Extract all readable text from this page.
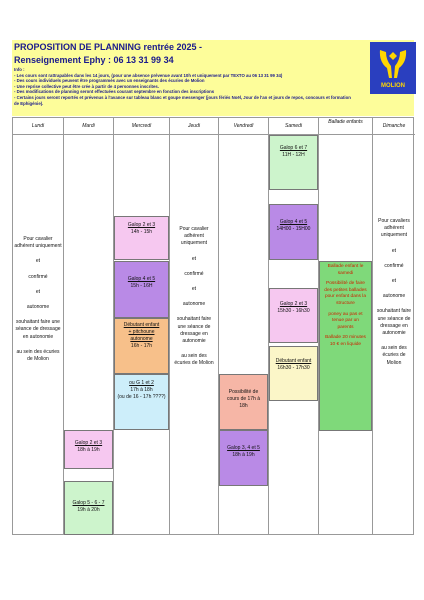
PROPOSITION DE PLANNING rentrée 2025 -
Renseignement Ephy : 06 13 31 99 34
Info :
- Les cours sont rattrapables dans les 14 jours, (pour une absence prévenue avant 10h et uniquement par TEXTO au 06 13 31 99 34)
- Des cours individuels peuvent être programmés avec un enseignants des écuries de Molion
- Une reprise collective peut être crée à partir de 4 personnes inscrites.
- Des modifications de planning seront effectuées courant septembre en fonction des inscriptions
- Certains jours seront reportés et prévenus à l'avance sur tableau blanc et goupe messenger (jours fériés Noël, Jour de l'an et jours de repos, concours et formation de Ephigénie).
MOLION
Lundi

Pour cavalier adhérent uniquement

et

confirmé

et

autonome

souhaitant faire une séance de dressage en autonomie

au sein des écuries de Molion

Mardi
Galop 2 et 3
18h à 19h
Galop 5 - 6 - 7
19h à 20h
Mercredi
Galop 2 et 3
14h - 15h
Galop 4 et 5
15h - 16H
Débutant enfant + pitchoune autonome
16h - 17h
ou G 1 et 2
17h à 18h
(ou de 16 - 17h ????)
Jeudi

Pour cavalier adhérent uniquement

et

confirmé

et

autonome

souhaitant faire une séance de dressage en autonomie

au sein des écuries de Molion

Vendredi
Possibilité de cours de 17h à 18h
Galop 3, 4 et 5
18h à 19h
Samedi
Galop 6 et 7
11H - 12H
Galop 4 et 5
14H00 - 15H00
Galop 2 et 3
15h30 - 16h30
Débutant enfant
16h30 - 17h30
Ballade enfants

Ballade enfant le samedi

Possibilité de faire des petites ballades pour enfant dans la structure

poney au pas et tenue par un parents

Ballade 20 minutes 10 € en liquide

Dimanche

Pour cavaliers adhérent uniquement

et

confirmé

et

autonome

souhaitant faire une séance de dressage en autonomie

au sein des écuries de Molion
